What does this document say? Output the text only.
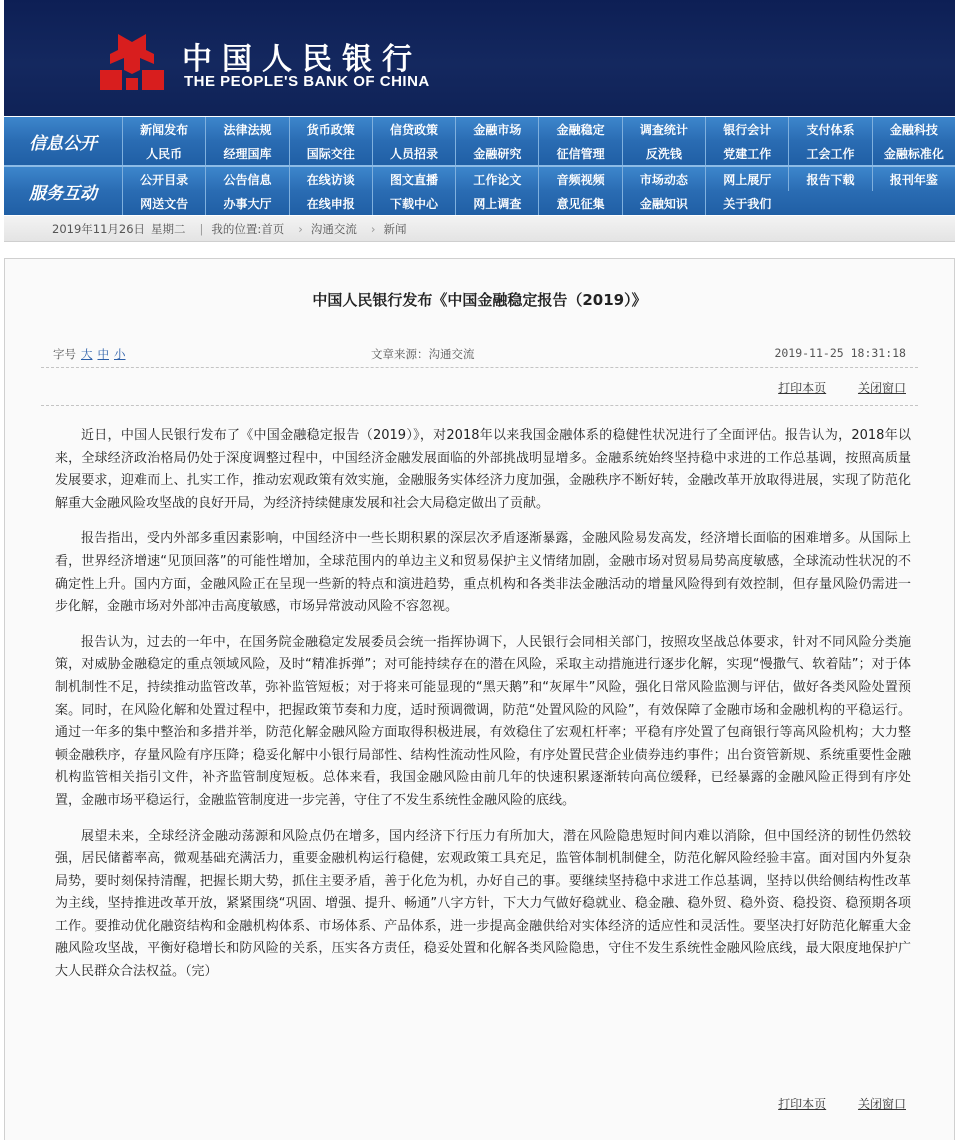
中国人民银行
THE PEOPLE'S BANK OF CHINA
信息公开
服务互动
新闻发布	法律法规	货币政策	信贷政策	金融市场	金融稳定	调查统计	银行会计	支付体系	金融科技
人民币	经理国库	国际交往	人员招录	金融研究	征信管理	反洗钱	党建工作	工会工作	金融标准化
公开目录	公告信息	在线访谈	图文直播	工作论文	音频视频	市场动态	网上展厅	报告下载	报刊年鉴
网送文告	办事大厅	在线申报	下载中心	网上调查	意见征集	金融知识	关于我们
2019年11月26日 星期二 | 我的位置: 首页 › 沟通交流 › 新闻
中国人民银行发布《中国金融稳定报告（2019）》
字号 大 中 小	文章来源：沟通交流	2019-11-25 18:31:18
打印本页	关闭窗口

近日，中国人民银行发布了《中国金融稳定报告（2019）》，对2018年以来我国金融体系的稳健性状况进行了全面评估。报告认为，2018年以来，全球经济政治格局仍处于深度调整过程中，中国经济金融发展面临的外部挑战明显增多。金融系统始终坚持稳中求进的工作总基调，按照高质量发展要求，迎难而上、扎实工作，推动宏观政策有效实施，金融服务实体经济力度加强，金融秩序不断好转，金融改革开放取得进展，实现了防范化解重大金融风险攻坚战的良好开局，为经济持续健康发展和社会大局稳定做出了贡献。

报告指出，受内外部多重因素影响，中国经济中一些长期积累的深层次矛盾逐渐暴露，金融风险易发高发，经济增长面临的困难增多。从国际上看，世界经济增速“见顶回落”的可能性增加，全球范围内的单边主义和贸易保护主义情绪加剧，金融市场对贸易局势高度敏感，全球流动性状况的不确定性上升。国内方面，金融风险正在呈现一些新的特点和演进趋势，重点机构和各类非法金融活动的增量风险得到有效控制，但存量风险仍需进一步化解，金融市场对外部冲击高度敏感，市场异常波动风险不容忽视。

报告认为，过去的一年中，在国务院金融稳定发展委员会统一指挥协调下，人民银行会同相关部门，按照攻坚战总体要求，针对不同风险分类施策，对威胁金融稳定的重点领域风险，及时“精准拆弹”；对可能持续存在的潜在风险，采取主动措施进行逐步化解，实现“慢撒气、软着陆”；对于体制机制性不足，持续推动监管改革，弥补监管短板；对于将来可能显现的“黑天鹅”和“灰犀牛”风险，强化日常风险监测与评估，做好各类风险处置预案。同时，在风险化解和处置过程中，把握政策节奏和力度，适时预调微调，防范“处置风险的风险”，有效保障了金融市场和金融机构的平稳运行。通过一年多的集中整治和多措并举，防范化解金融风险方面取得积极进展，有效稳住了宏观杠杆率；平稳有序处置了包商银行等高风险机构；大力整顿金融秩序，存量风险有序压降；稳妥化解中小银行局部性、结构性流动性风险，有序处置民营企业债券违约事件；出台资管新规、系统重要性金融机构监管相关指引文件，补齐监管制度短板。总体来看，我国金融风险由前几年的快速积累逐渐转向高位缓释，已经暴露的金融风险正得到有序处置，金融市场平稳运行，金融监管制度进一步完善，守住了不发生系统性金融风险的底线。

展望未来，全球经济金融动荡源和风险点仍在增多，国内经济下行压力有所加大，潜在风险隐患短时间内难以消除，但中国经济的韧性仍然较强，居民储蓄率高，微观基础充满活力，重要金融机构运行稳健，宏观政策工具充足，监管体制机制健全，防范化解风险经验丰富。面对国内外复杂局势，要时刻保持清醒，把握长期大势，抓住主要矛盾，善于化危为机，办好自己的事。要继续坚持稳中求进工作总基调，坚持以供给侧结构性改革为主线，坚持推进改革开放，紧紧围绕“巩固、增强、提升、畅通”八字方针，下大力气做好稳就业、稳金融、稳外贸、稳外资、稳投资、稳预期各项工作。要推动优化融资结构和金融机构体系、市场体系、产品体系，进一步提高金融供给对实体经济的适应性和灵活性。要坚决打好防范化解重大金融风险攻坚战，平衡好稳增长和防风险的关系，压实各方责任，稳妥处置和化解各类风险隐患，守住不发生系统性金融风险底线，最大限度地保护广大人民群众合法权益。（完）

打印本页	关闭窗口
